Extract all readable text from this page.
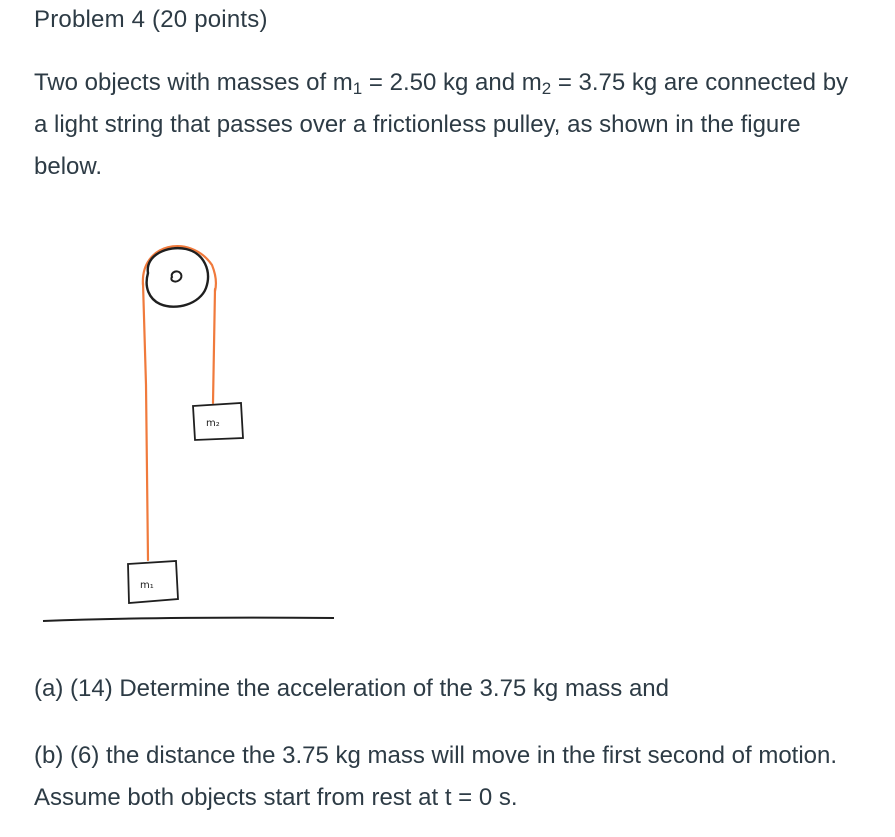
Problem 4 (20 points)
Two objects with masses of $m_1 = 2.50$ kg and $m_2 = 3.75$ kg are connected by a light string that passes over a frictionless pulley, as shown in the figure below.
m₂
m₁
(a) (14) Determine the acceleration of the 3.75 kg mass and
(b) (6) the distance the 3.75 kg mass will move in the first second of motion. Assume both objects start from rest at t = 0 s.
